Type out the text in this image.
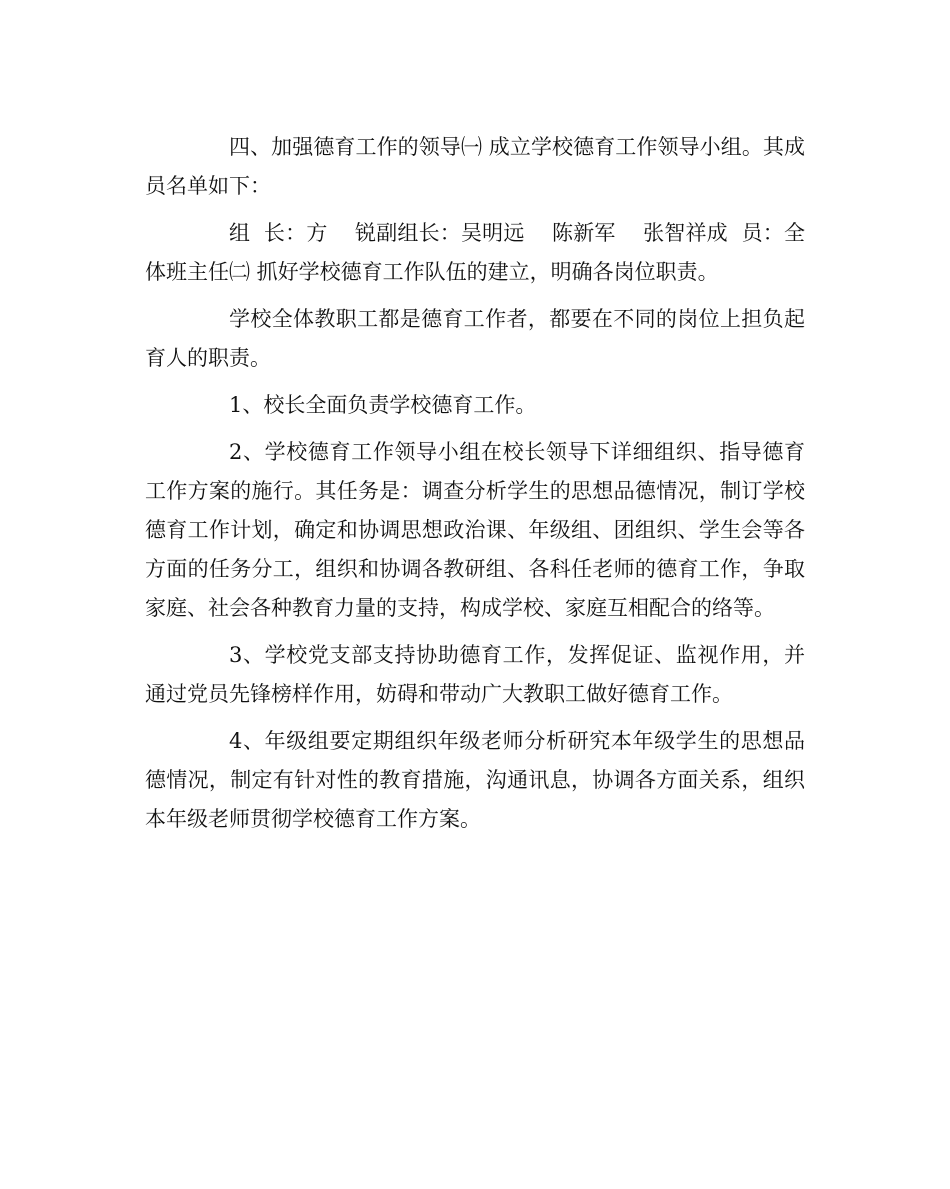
四、加强德育工作的领导㈠ 成立学校德育工作领导小组。其成员名单如下：

组  长：方    锐副组长：吴明远    陈新军    张智祥成  员：全体班主任㈡ 抓好学校德育工作队伍的建立，明确各岗位职责。

学校全体教职工都是德育工作者，都要在不同的岗位上担负起育人的职责。

1、校长全面负责学校德育工作。

2、学校德育工作领导小组在校长领导下详细组织、指导德育工作方案的施行。其任务是：调查分析学生的思想品德情况，制订学校德育工作计划，确定和协调思想政治课、年级组、团组织、学生会等各方面的任务分工，组织和协调各教研组、各科任老师的德育工作，争取家庭、社会各种教育力量的支持，构成学校、家庭互相配合的络等。

3、学校党支部支持协助德育工作，发挥促证、监视作用，并通过党员先锋榜样作用，妨碍和带动广大教职工做好德育工作。

4、年级组要定期组织年级老师分析研究本年级学生的思想品德情况，制定有针对性的教育措施，沟通讯息，协调各方面关系，组织本年级老师贯彻学校德育工作方案。
